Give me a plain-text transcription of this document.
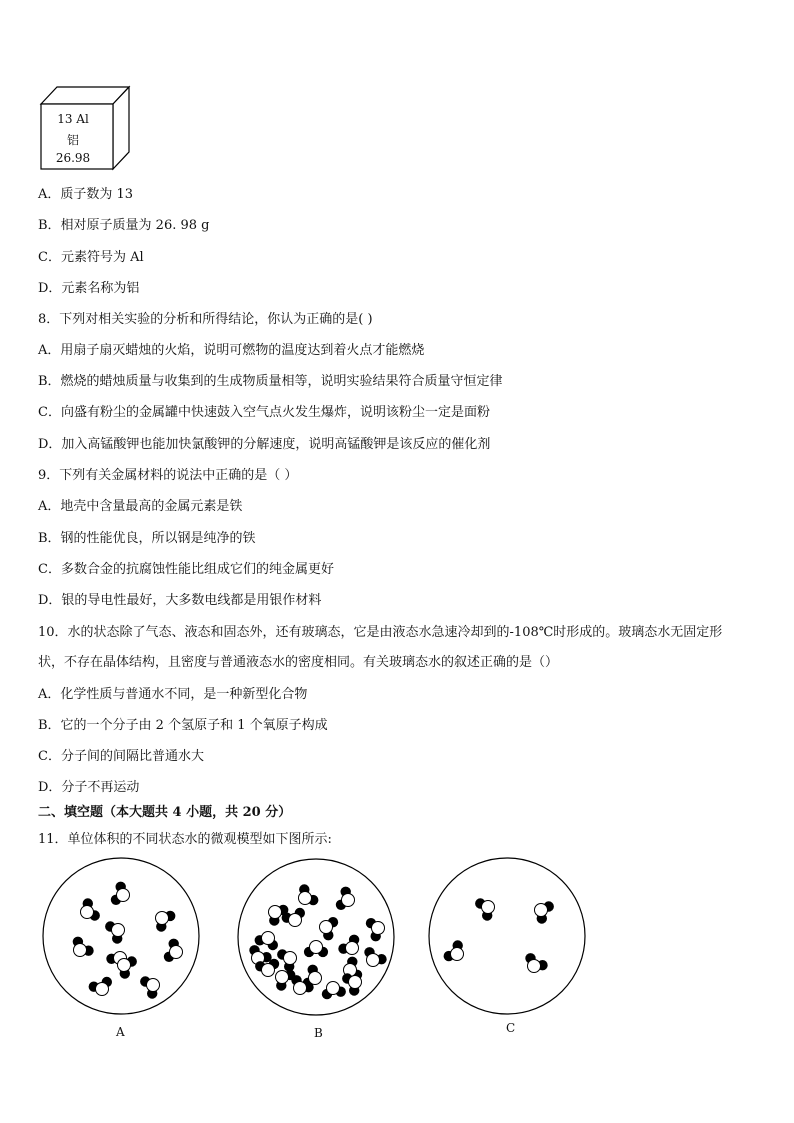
13 Al
铝
26.98
A．质子数为 13
B．相对原子质量为 26. 98 g
C．元素符号为 Al
D．元素名称为铝
8．下列对相关实验的分析和所得结论，你认为正确的是( )
A．用扇子扇灭蜡烛的火焰，说明可燃物的温度达到着火点才能燃烧
B．燃烧的蜡烛质量与收集到的生成物质量相等，说明实验结果符合质量守恒定律
C．向盛有粉尘的金属罐中快速鼓入空气点火发生爆炸，说明该粉尘一定是面粉
D．加入高锰酸钾也能加快氯酸钾的分解速度，说明高锰酸钾是该反应的催化剂
9．下列有关金属材料的说法中正确的是（ ）
A．地壳中含量最高的金属元素是铁
B．钢的性能优良，所以钢是纯净的铁
C．多数合金的抗腐蚀性能比组成它们的纯金属更好
D．银的导电性最好，大多数电线都是用银作材料
10．水的状态除了气态、液态和固态外，还有玻璃态，它是由液态水急速冷却到的-108℃时形成的。玻璃态水无固定形
状，不存在晶体结构，且密度与普通液态水的密度相同。有关玻璃态水的叙述正确的是（）
A．化学性质与普通水不同，是一种新型化合物
B．它的一个分子由 2 个氢原子和 1 个氧原子构成
C．分子间的间隔比普通水大
D．分子不再运动
二、填空题（本大题共 4 小题，共 20 分）
11．单位体积的不同状态水的微观模型如下图所示:
A	B	C
